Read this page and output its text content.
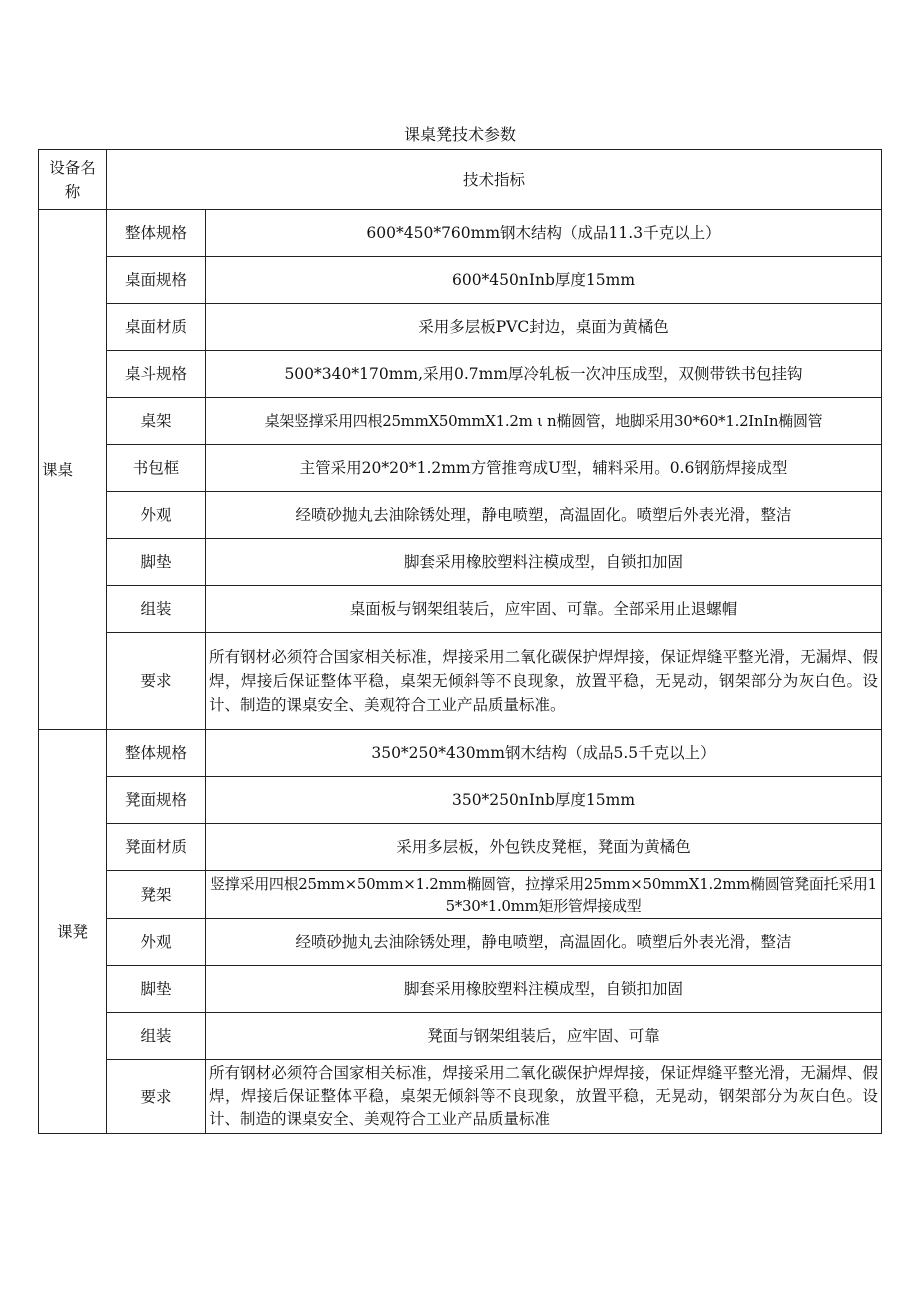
课桌凳技术参数
设备名称	技术指标	
课桌	整体规格	600*450*760mm钢木结构（成品11.3千克以上）
	桌面规格	600*450nInb厚度15mm
	桌面材质	采用多层板PVC封边，桌面为黄橘色
	桌斗规格	500*340*170mm,采用0.7mm厚冷轧板一次冲压成型，双侧带铁书包挂钩
	桌架	桌架竖撑采用四根25mmX50mmX1.2m ι n椭圆管，地脚采用30*60*1.2InIn椭圆管
	书包框	主管采用20*20*1.2mm方管推弯成U型，辅料采用。0.6钢筋焊接成型
	外观	经喷砂抛丸去油除锈处理，静电喷塑，高温固化。喷塑后外表光滑，整洁
	脚垫	脚套采用橡胶塑料注模成型，自锁扣加固
	组装	桌面板与钢架组装后，应牢固、可靠。全部采用止退螺帽
	要求	所有钢材必须符合国家相关标准，焊接采用二氧化碳保护焊焊接，保证焊缝平整光滑，无漏焊、假焊，焊接后保证整体平稳，桌架无倾斜等不良现象，放置平稳，无晃动，钢架部分为灰白色。设计、制造的课桌安全、美观符合工业产品质量标准。
课凳	整体规格	350*250*430mm钢木结构（成品5.5千克以上）
	凳面规格	350*250nInb厚度15mm
	凳面材质	采用多层板，外包铁皮凳框，凳面为黄橘色
	凳架	竖撑采用四根25mm×50mm×1.2mm椭圆管，拉撑采用25mm×50mmX1.2mm椭圆管凳面托采用15*30*1.0mm矩形管焊接成型
	外观	经喷砂抛丸去油除锈处理，静电喷塑，高温固化。喷塑后外表光滑，整洁
	脚垫	脚套采用橡胶塑料注模成型，自锁扣加固
	组装	凳面与钢架组装后，应牢固、可靠
	要求	所有钢材必须符合国家相关标准，焊接采用二氧化碳保护焊焊接，保证焊缝平整光滑，无漏焊、假焊，焊接后保证整体平稳，桌架无倾斜等不良现象，放置平稳，无晃动，钢架部分为灰白色。设计、制造的课桌安全、美观符合工业产品质量标准
